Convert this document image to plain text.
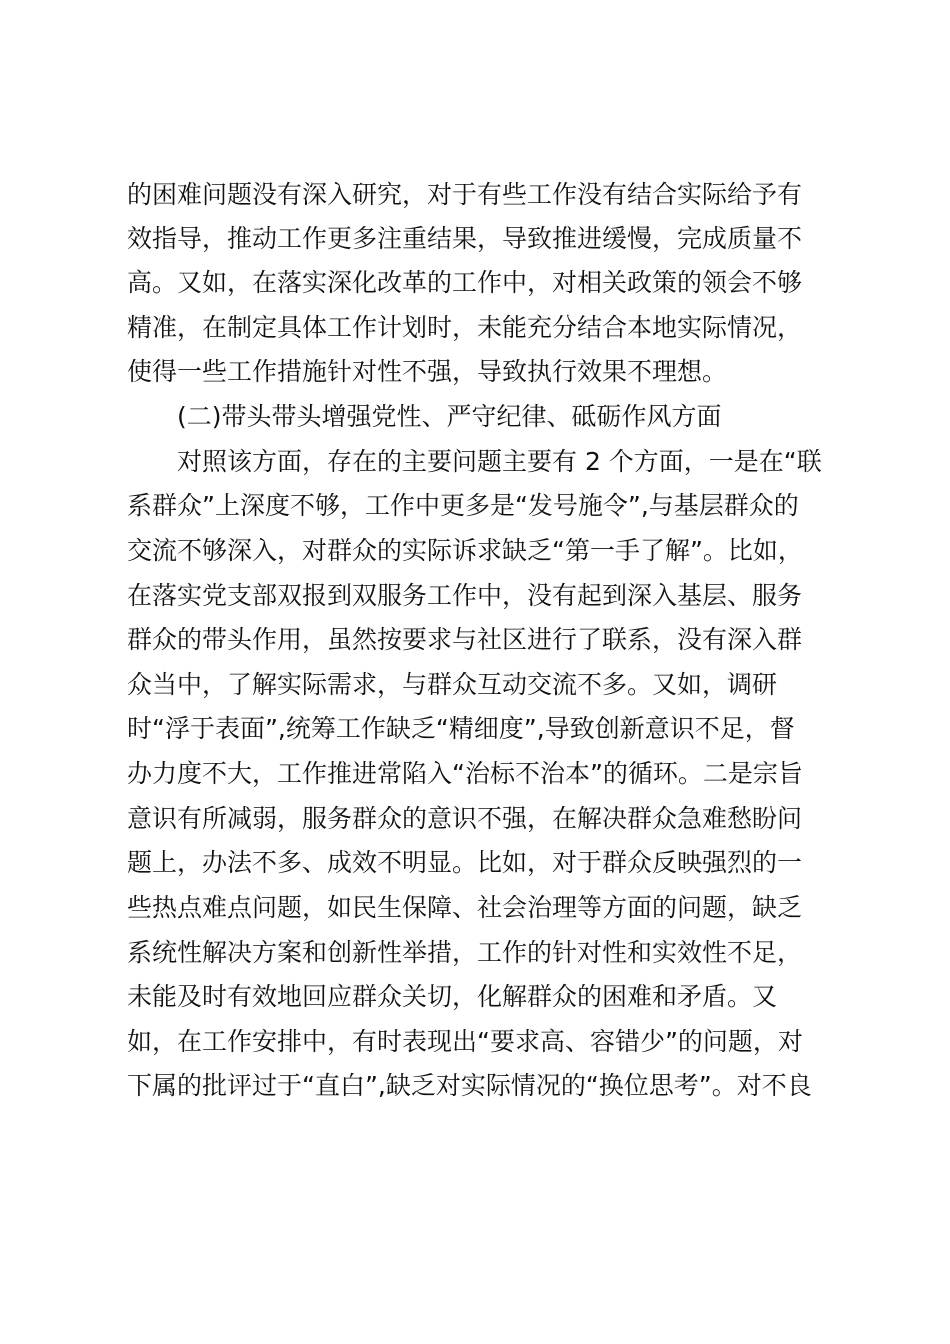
的困难问题没有深入研究，对于有些工作没有结合实际给予有
效指导，推动工作更多注重结果，导致推进缓慢，完成质量不
高。又如，在落实深化改革的工作中，对相关政策的领会不够
精准，在制定具体工作计划时，未能充分结合本地实际情况，
使得一些工作措施针对性不强，导致执行效果不理想。
(二)带头带头增强党性、严守纪律、砥砺作风方面
对照该方面，存在的主要问题主要有 2 个方面，一是在“联
系群众”上深度不够，工作中更多是“发号施令”,与基层群众的
交流不够深入，对群众的实际诉求缺乏“第一手了解”。比如，
在落实党支部双报到双服务工作中，没有起到深入基层、服务
群众的带头作用，虽然按要求与社区进行了联系，没有深入群
众当中，了解实际需求，与群众互动交流不多。又如，调研
时“浮于表面”,统筹工作缺乏“精细度”,导致创新意识不足，督
办力度不大，工作推进常陷入“治标不治本”的循环。二是宗旨
意识有所减弱，服务群众的意识不强，在解决群众急难愁盼问
题上，办法不多、成效不明显。比如，对于群众反映强烈的一
些热点难点问题，如民生保障、社会治理等方面的问题，缺乏
系统性解决方案和创新性举措，工作的针对性和实效性不足，
未能及时有效地回应群众关切，化解群众的困难和矛盾。又
如，在工作安排中，有时表现出“要求高、容错少”的问题，对
下属的批评过于“直白”,缺乏对实际情况的“换位思考”。对不良
